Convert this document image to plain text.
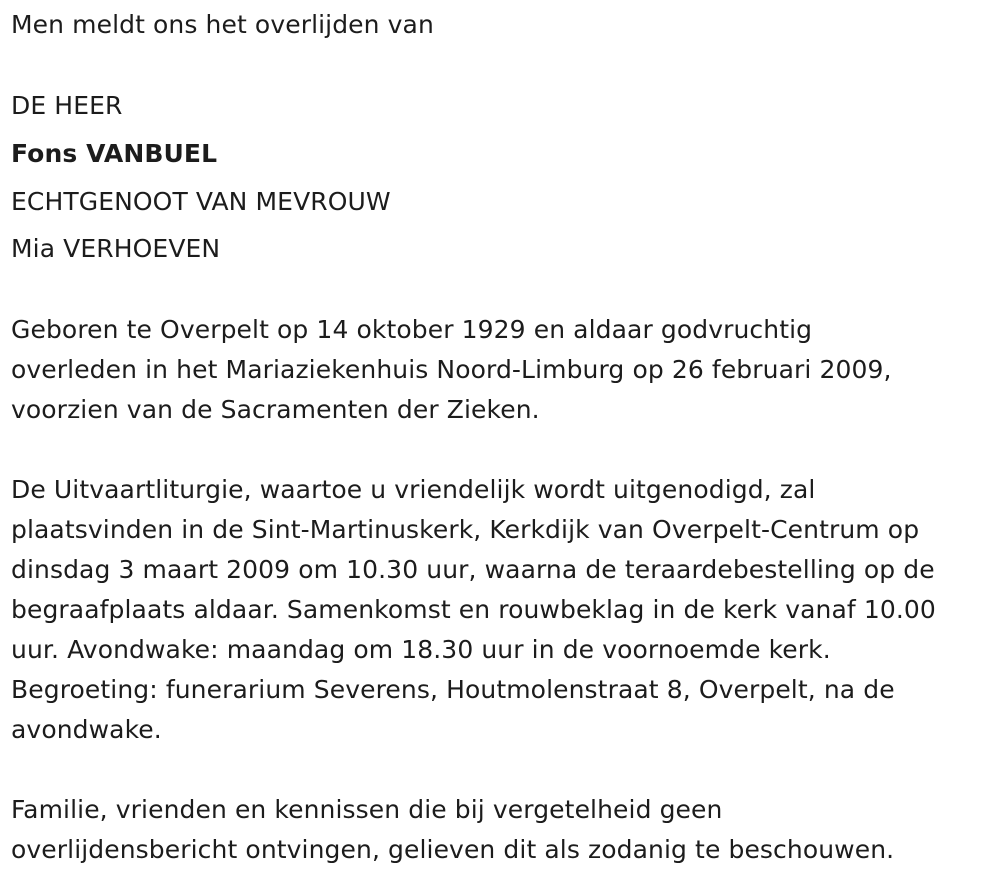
Men meldt ons het overlijden van
DE HEER
Fons VANBUEL
ECHTGENOOT VAN MEVROUW
Mia VERHOEVEN
Geboren te Overpelt op 14 oktober 1929 en aldaar godvruchtig
overleden in het Mariaziekenhuis Noord-Limburg op 26 februari 2009,
voorzien van de Sacramenten der Zieken.
De Uitvaartliturgie, waartoe u vriendelijk wordt uitgenodigd, zal
plaatsvinden in de Sint-Martinuskerk, Kerkdijk van Overpelt-Centrum op
dinsdag 3 maart 2009 om 10.30 uur, waarna de teraardebestelling op de
begraafplaats aldaar. Samenkomst en rouwbeklag in de kerk vanaf 10.00
uur. Avondwake: maandag om 18.30 uur in de voornoemde kerk.
Begroeting: funerarium Severens, Houtmolenstraat 8, Overpelt, na de
avondwake.
Familie, vrienden en kennissen die bij vergetelheid geen
overlijdensbericht ontvingen, gelieven dit als zodanig te beschouwen.
